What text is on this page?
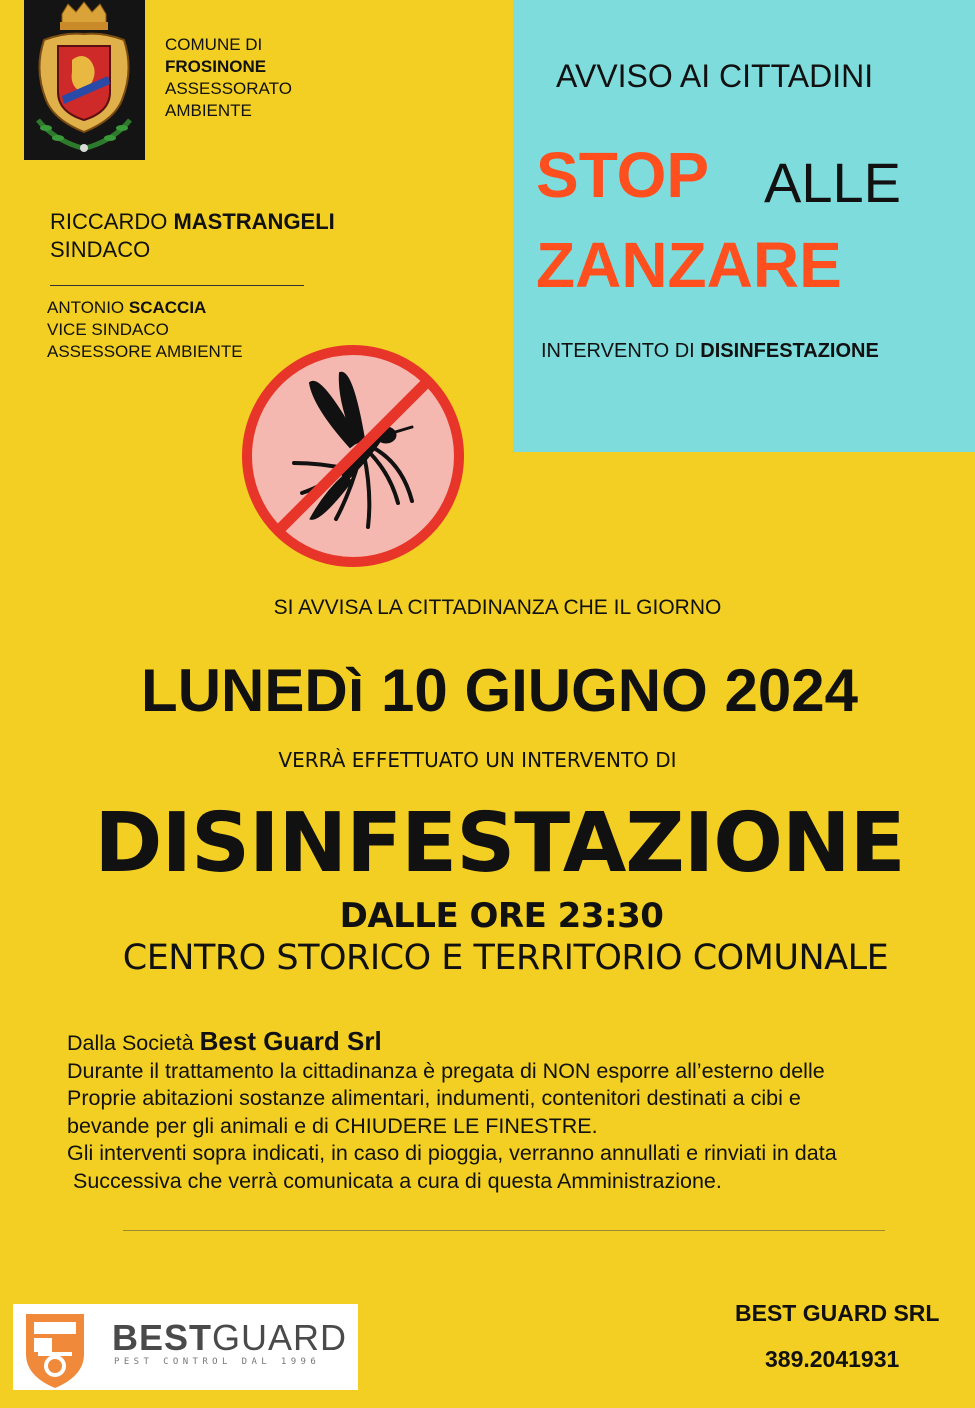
COMUNE DI
FROSINONE
ASSESSORATO
AMBIENTE
RICCARDO MASTRANGELI
SINDACO
ANTONIO SCACCIA
VICE SINDACO
ASSESSORE AMBIENTE
AVVISO AI CITTADINI
STOP ALLE
ZANZARE
INTERVENTO DI DISINFESTAZIONE
SI AVVISA LA CITTADINANZA CHE IL GIORNO
LUNEDì 10 GIUGNO 2024
VERRÀ EFFETTUATO UN INTERVENTO DI
DISINFESTAZIONE
DALLE ORE 23:30
CENTRO STORICO E TERRITORIO COMUNALE
Dalla Società Best Guard Srl
Durante il trattamento la cittadinanza è pregata di NON esporre all’esterno delle
Proprie abitazioni sostanze alimentari, indumenti, contenitori destinati a cibi e
bevande per gli animali e di CHIUDERE LE FINESTRE.
Gli interventi sopra indicati, in caso di pioggia, verranno annullati e rinviati in data
Successiva che verrà comunicata a cura di questa Amministrazione.
BESTGUARD
PEST CONTROL DAL 1996
BEST GUARD SRL
389.2041931
